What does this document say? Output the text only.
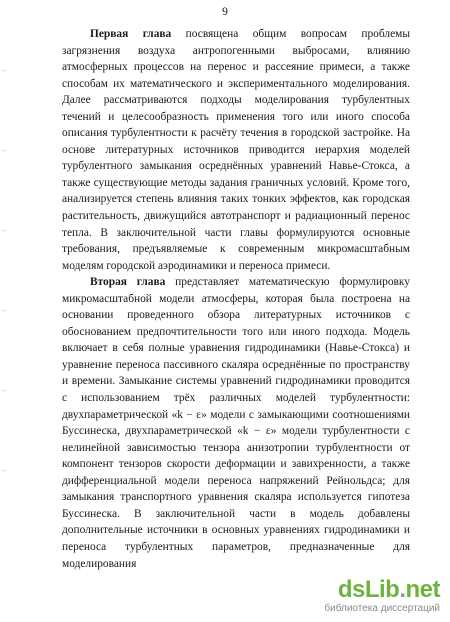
9

Первая глава посвящена общим вопросам проблемы загрязнения воздуха антропогенными выбросами, влиянию атмосферных процессов на перенос и рассеяние примеси, а также способам их математического и экспериментального моделирования. Далее рассматриваются подходы моделирования турбулентных течений и целесообразность применения того или иного способа описания турбулентности к расчёту течения в городской застройке. На основе литературных источников приводится иерархия моделей турбулентного замыкания осреднённых уравнений Навье-Стокса, а также существующие методы задания граничных условий. Кроме того, анализируется степень влияния таких тонких эффектов, как городская растительность, движущийся автотранспорт и радиационный перенос тепла. В заключительной части главы формулируются основные требования, предъявляемые к современным микромасштабным моделям городской аэродинамики и переноса примеси.

Вторая глава представляет математическую формулировку микромасштабной модели атмосферы, которая была построена на основании проведенного обзора литературных источников с обоснованием предпочтительности того или иного подхода. Модель включает в себя полные уравнения гидродинамики (Навье-Стокса) и уравнение переноса пассивного скаляра осреднённые по пространству и времени. Замыкание системы уравнений гидродинамики проводится с использованием трёх различных моделей турбулентности: двухпараметрической «k − ε» модели с замыкающими соотношениями Буссинеска, двухпараметрической «k − ε» модели турбулентности с нелинейной зависимостью тензора анизотропии турбулентности от компонент тензоров скорости деформации и завихренности, а также дифференциальной модели переноса напряжений Рейнольдса; для замыкания транспортного уравнения скаляра используется гипотеза Буссинеска. В заключительной части в модель добавлены дополнительные источники в основных уравнениях гидродинамики и переноса турбулентных параметров, предназначенные для моделирования

dsLib.net
библиотека диссертаций
